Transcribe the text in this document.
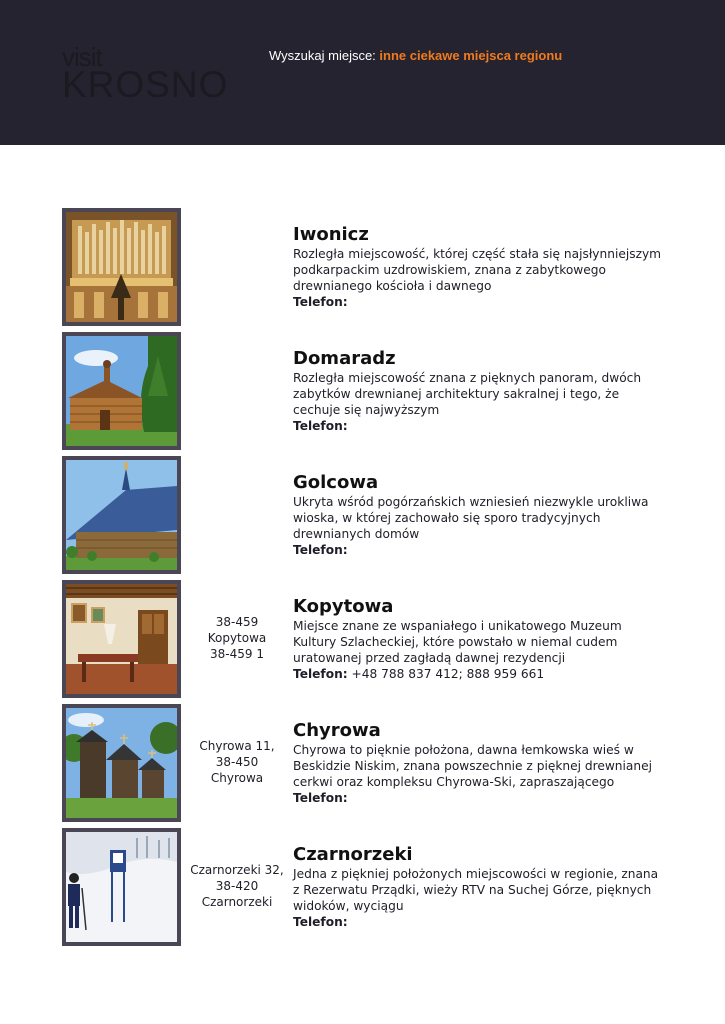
visit
KROSNO
Wyszukaj miejsce: inne ciekawe miejsca regionu

Iwonicz

Rozległa miejscowość, której część stała się najsłynniejszym podkarpackim uzdrowiskiem, znana z zabytkowego drewnianego kościoła i dawnego

Telefon:

Domaradz

Rozległa miejscowość znana z pięknych panoram, dwóch zabytków drewnianej architektury sakralnej i tego, że cechuje się najwyższym

Telefon:

Golcowa

Ukryta wśród pogórzańskich wzniesień niezwykle urokliwa wioska, w której zachowało się sporo tradycyjnych drewnianych domów

Telefon:

38-459
Kopytowa
38-459 1

Kopytowa

Miejsce znane ze wspaniałego i unikatowego Muzeum Kultury Szlacheckiej, które powstało w niemal cudem uratowanej przed zagładą dawnej rezydencji

Telefon: +48 788 837 412; 888 959 661

Chyrowa 11,
38-450
Chyrowa

Chyrowa

Chyrowa to pięknie położona, dawna łemkowska wieś w Beskidzie Niskim, znana powszechnie z pięknej drewnianej cerkwi oraz kompleksu Chyrowa-Ski, zapraszającego

Telefon:

Czarnorzeki 32,
38-420
Czarnorzeki

Czarnorzeki

Jedna z piękniej położonych miejscowości w regionie, znana z Rezerwatu Prządki, wieży RTV na Suchej Górze, pięknych widoków, wyciągu

Telefon:
